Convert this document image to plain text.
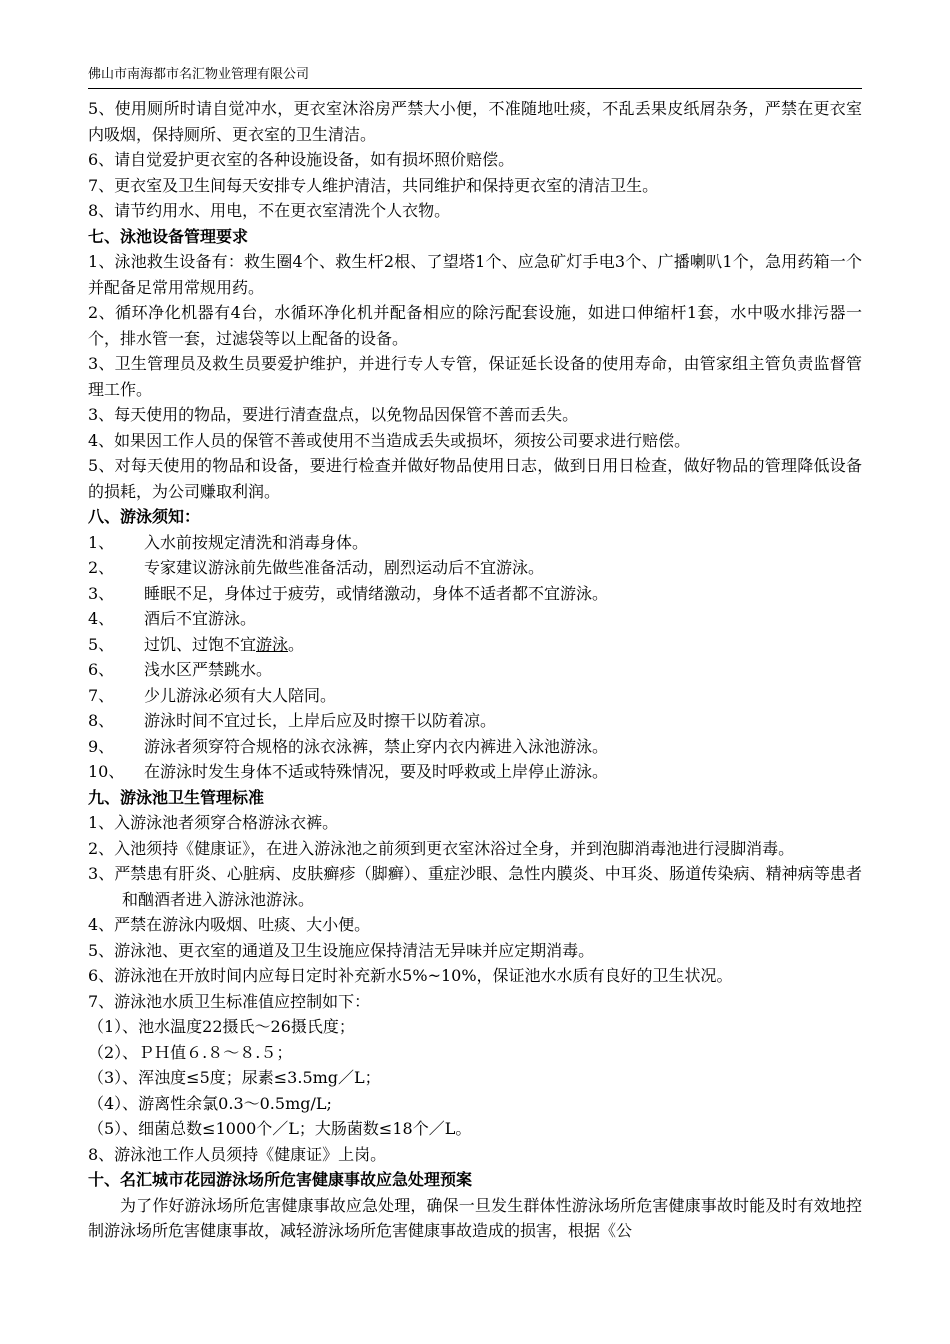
佛山市南海都市名汇物业管理有限公司

5、使用厕所时请自觉冲水，更衣室沐浴房严禁大小便，不准随地吐痰，不乱丢果皮纸屑杂务，严禁在更衣室内吸烟，保持厕所、更衣室的卫生清洁。

6、请自觉爱护更衣室的各种设施设备，如有损坏照价赔偿。

7、更衣室及卫生间每天安排专人维护清洁，共同维护和保持更衣室的清洁卫生。

8、请节约用水、用电，不在更衣室清洗个人衣物。

七、泳池设备管理要求

1、泳池救生设备有：救生圈4个、救生杆2根、了望塔1个、应急矿灯手电3个、广播喇叭1个，急用药箱一个并配备足常用常规用药。

2、循环净化机器有4台，水循环净化机并配备相应的除污配套设施，如进口伸缩杆1套，水中吸水排污器一个，排水管一套，过滤袋等以上配备的设备。

3、卫生管理员及救生员要爱护维护，并进行专人专管，保证延长设备的使用寿命，由管家组主管负责监督管理工作。

3、每天使用的物品，要进行清查盘点，以免物品因保管不善而丢失。

4、如果因工作人员的保管不善或使用不当造成丢失或损坏，须按公司要求进行赔偿。

5、对每天使用的物品和设备，要进行检查并做好物品使用日志，做到日用日检查，做好物品的管理降低设备的损耗，为公司赚取利润。

八、游泳须知：

1、 入水前按规定清洗和消毒身体。

2、 专家建议游泳前先做些准备活动，剧烈运动后不宜游泳。

3、 睡眠不足，身体过于疲劳，或情绪激动，身体不适者都不宜游泳。

4、 酒后不宜游泳。

5、 过饥、过饱不宜游泳。

6、 浅水区严禁跳水。

7、 少儿游泳必须有大人陪同。

8、 游泳时间不宜过长，上岸后应及时擦干以防着凉。

9、 游泳者须穿符合规格的泳衣泳裤，禁止穿内衣内裤进入泳池游泳。

10、 在游泳时发生身体不适或特殊情况，要及时呼救或上岸停止游泳。

九、游泳池卫生管理标准

1、入游泳池者须穿合格游泳衣裤。

2、入池须持《健康证》，在进入游泳池之前须到更衣室沐浴过全身，并到泡脚消毒池进行浸脚消毒。

3、严禁患有肝炎、心脏病、皮肤癣疹（脚癣）、重症沙眼、急性内膜炎、中耳炎、肠道传染病、精神病等患者和酗酒者进入游泳池游泳。

4、严禁在游泳内吸烟、吐痰、大小便。

5、游泳池、更衣室的通道及卫生设施应保持清洁无异味并应定期消毒。

6、游泳池在开放时间内应每日定时补充新水5%~10%，保证池水水质有良好的卫生状况。

7、游泳池水质卫生标准值应控制如下：

（1）、池水温度22摄氏～26摄氏度；

（2）、ＰＨ值６.８～８.５；

（3）、浑浊度≤5度；尿素≤3.5mg／L；

（4）、游离性余氯0.3～0.5mg/L;

（5）、细菌总数≤1000个／L；大肠菌数≤18个／L。

8、游泳池工作人员须持《健康证》上岗。

十、名汇城市花园游泳场所危害健康事故应急处理预案

为了作好游泳场所危害健康事故应急处理，确保一旦发生群体性游泳场所危害健康事故时能及时有效地控制游泳场所危害健康事故，减轻游泳场所危害健康事故造成的损害，根据《公
